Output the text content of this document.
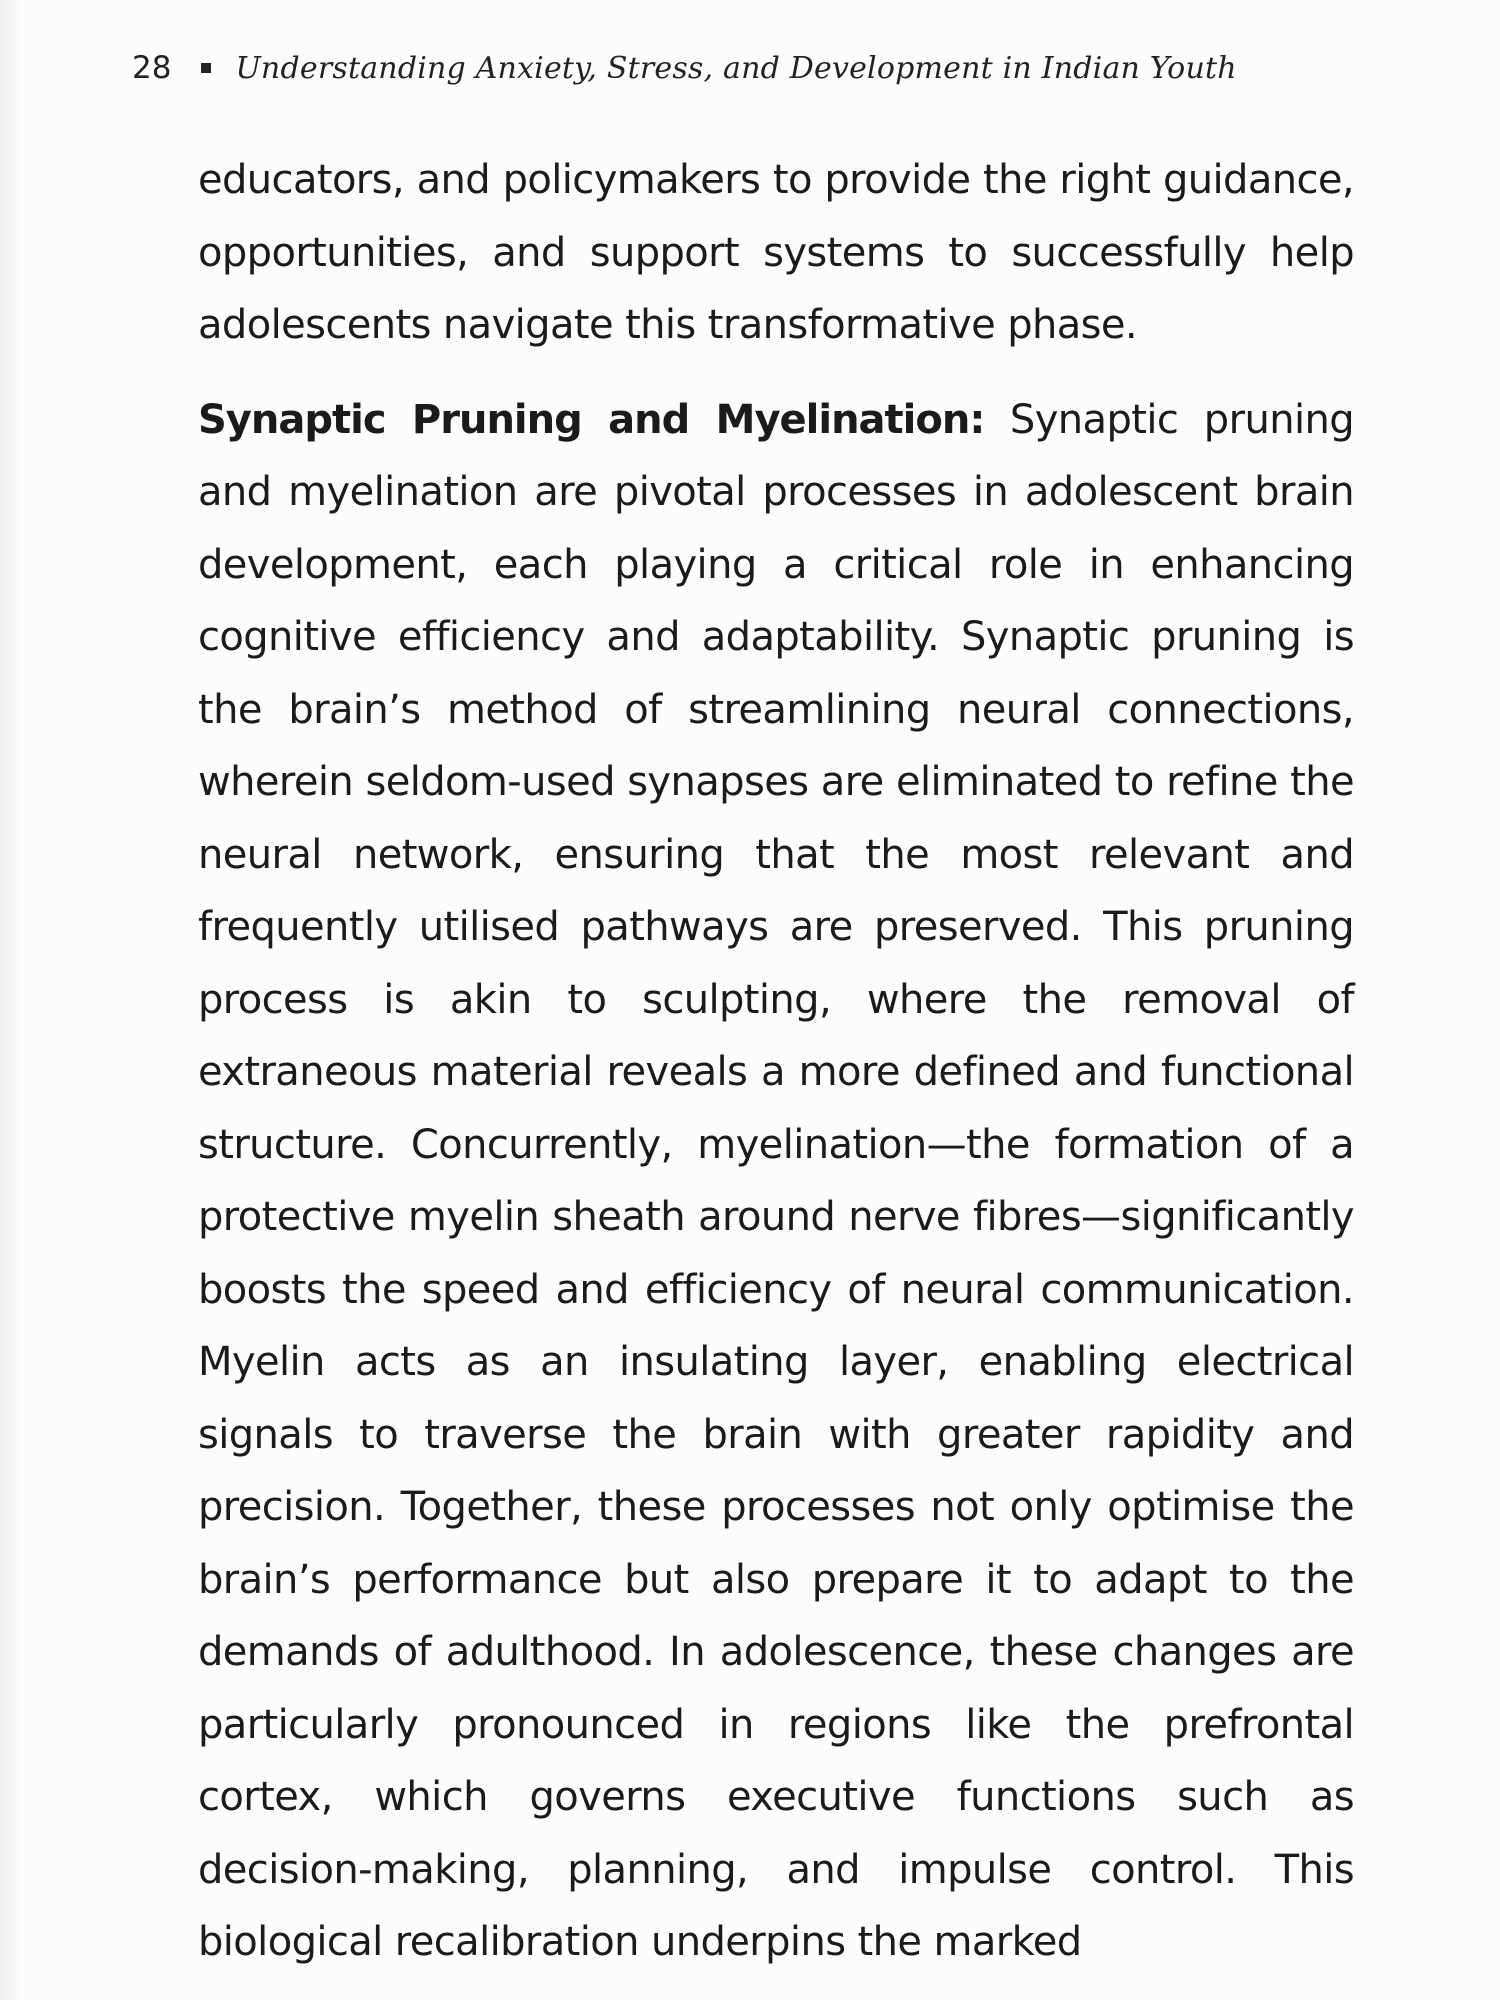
28 Understanding Anxiety, Stress, and Development in Indian Youth

educators, and policymakers to provide the right guidance, opportunities, and support systems to successfully help adolescents navigate this transformative phase.

Synaptic Pruning and Myelination: Synaptic pruning and myelination are pivotal processes in adolescent brain development, each playing a critical role in enhancing cognitive efficiency and adaptability. Synaptic pruning is the brain’s method of streamlining neural connections, wherein seldom-used synapses are eliminated to refine the neural network, ensuring that the most relevant and frequently utilised pathways are preserved. This pruning process is akin to sculpting, where the removal of extraneous material reveals a more defined and functional structure. Concurrently, myelination—the formation of a protective myelin sheath around nerve fibres—significantly boosts the speed and efficiency of neural communication. Myelin acts as an insulating layer, enabling electrical signals to traverse the brain with greater rapidity and precision. Together, these processes not only optimise the brain’s performance but also prepare it to adapt to the demands of adulthood. In adolescence, these changes are particularly pronounced in regions like the prefrontal cortex, which governs executive functions such as decision-making, planning, and impulse control. This biological recalibration underpins the marked
